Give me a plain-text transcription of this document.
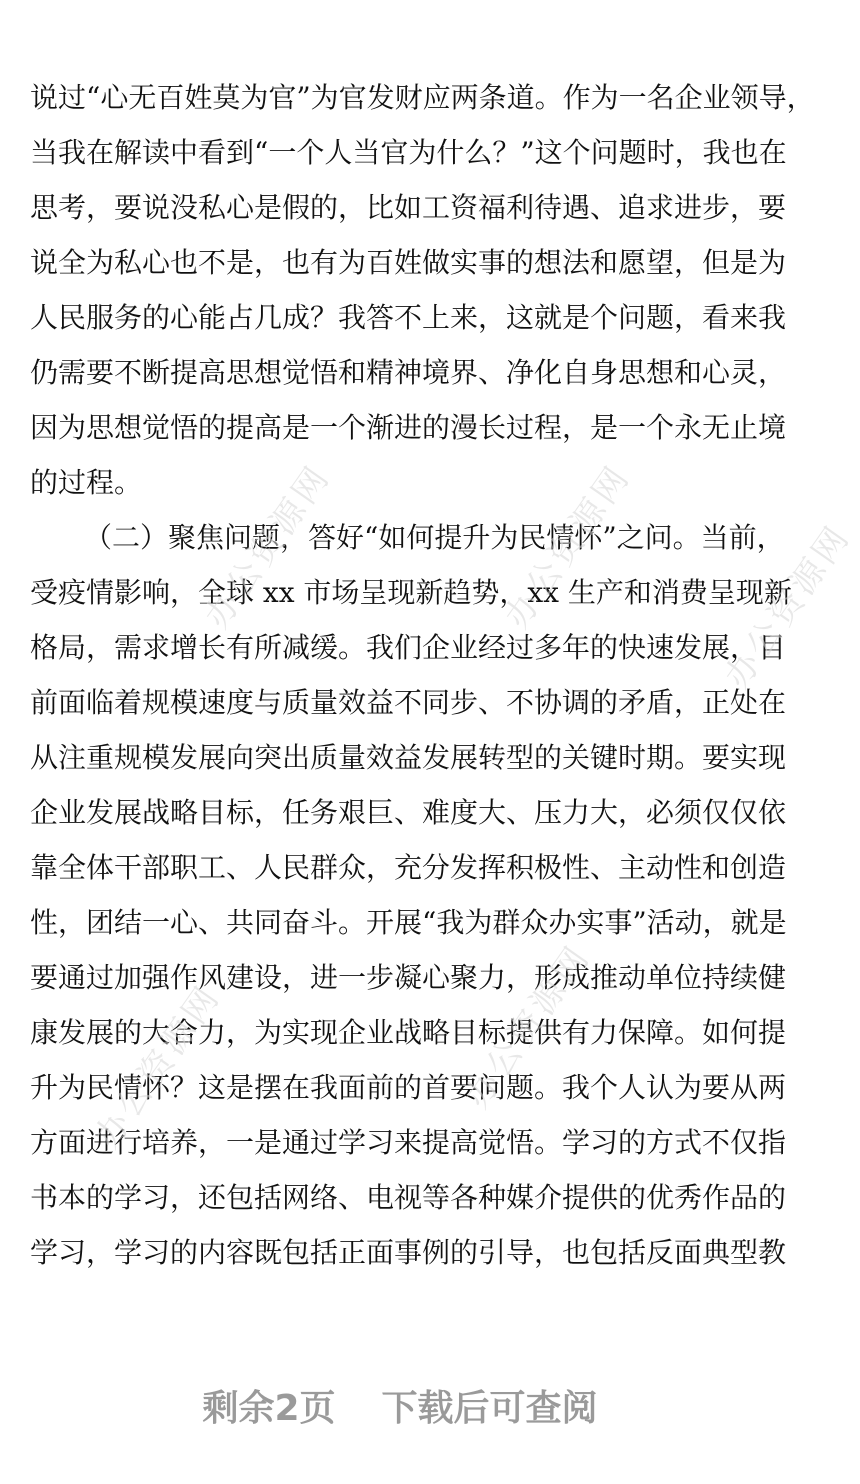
说过“心无百姓莫为官”为官发财应两条道。作为一名企业领导，
当我在解读中看到“一个人当官为什么？”这个问题时，我也在
思考，要说没私心是假的，比如工资福利待遇、追求进步，要
说全为私心也不是，也有为百姓做实事的想法和愿望，但是为
人民服务的心能占几成？我答不上来，这就是个问题，看来我
仍需要不断提高思想觉悟和精神境界、净化自身思想和心灵，
因为思想觉悟的提高是一个渐进的漫长过程，是一个永无止境
的过程。
（二）聚焦问题，答好“如何提升为民情怀”之问。当前，
受疫情影响，全球 xx 市场呈现新趋势，xx 生产和消费呈现新
格局，需求增长有所减缓。我们企业经过多年的快速发展，目
前面临着规模速度与质量效益不同步、不协调的矛盾，正处在
从注重规模发展向突出质量效益发展转型的关键时期。要实现
企业发展战略目标，任务艰巨、难度大、压力大，必须仅仅依
靠全体干部职工、人民群众，充分发挥积极性、主动性和创造
性，团结一心、共同奋斗。开展“我为群众办实事”活动，就是
要通过加强作风建设，进一步凝心聚力，形成推动单位持续健
康发展的大合力，为实现企业战略目标提供有力保障。如何提
升为民情怀？这是摆在我面前的首要问题。我个人认为要从两
方面进行培养，一是通过学习来提高觉悟。学习的方式不仅指
书本的学习，还包括网络、电视等各种媒介提供的优秀作品的
学习，学习的内容既包括正面事例的引导，也包括反面典型教
办公资源网	办公资源网 办公资源网
办公资源网	办公资源网
剩余2页 下载后可查阅
